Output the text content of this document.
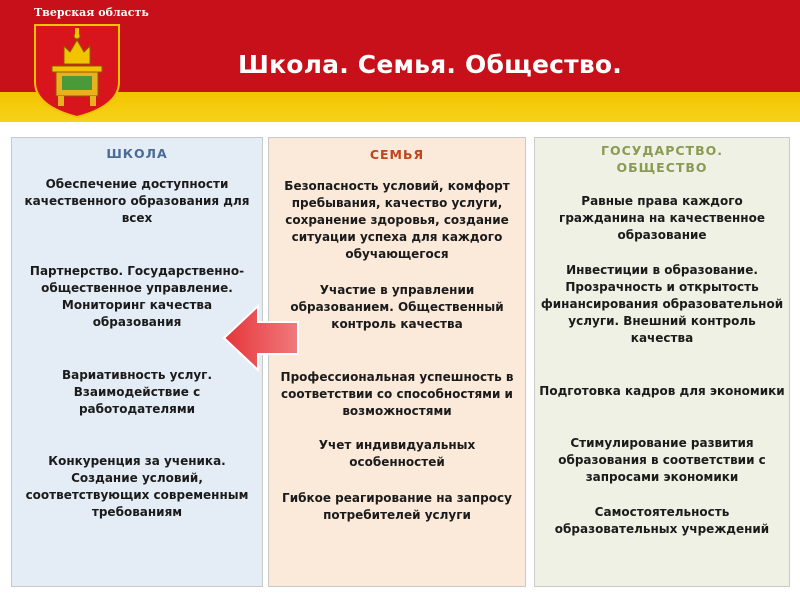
Тверская область
Школа. Семья. Общество.
ШКОЛА
Обеспечение доступности качественного образования для всех
Партнерство. Государственно-общественное управление. Мониторинг качества образования
Вариативность услуг. Взаимодействие с работодателями
Конкуренция за ученика. Создание условий, соответствующих современным требованиям
СЕМЬЯ
Безопасность условий, комфорт пребывания, качество услуги, сохранение здоровья, создание ситуации успеха для каждого обучающегося
Участие в управлении образованием. Общественный контроль качества
Профессиональная успешность в соответствии со способностями и возможностями
Учет индивидуальных особенностей
Гибкое реагирование на запросу потребителей услуги
ГОСУДАРСТВО. ОБЩЕСТВО
Равные права каждого гражданина на качественное образование
Инвестиции в образование. Прозрачность и открытость финансирования образовательной услуги. Внешний контроль качества
Подготовка кадров для экономики
Стимулирование развития образования в соответствии с запросами экономики
Самостоятельность образовательных учреждений
